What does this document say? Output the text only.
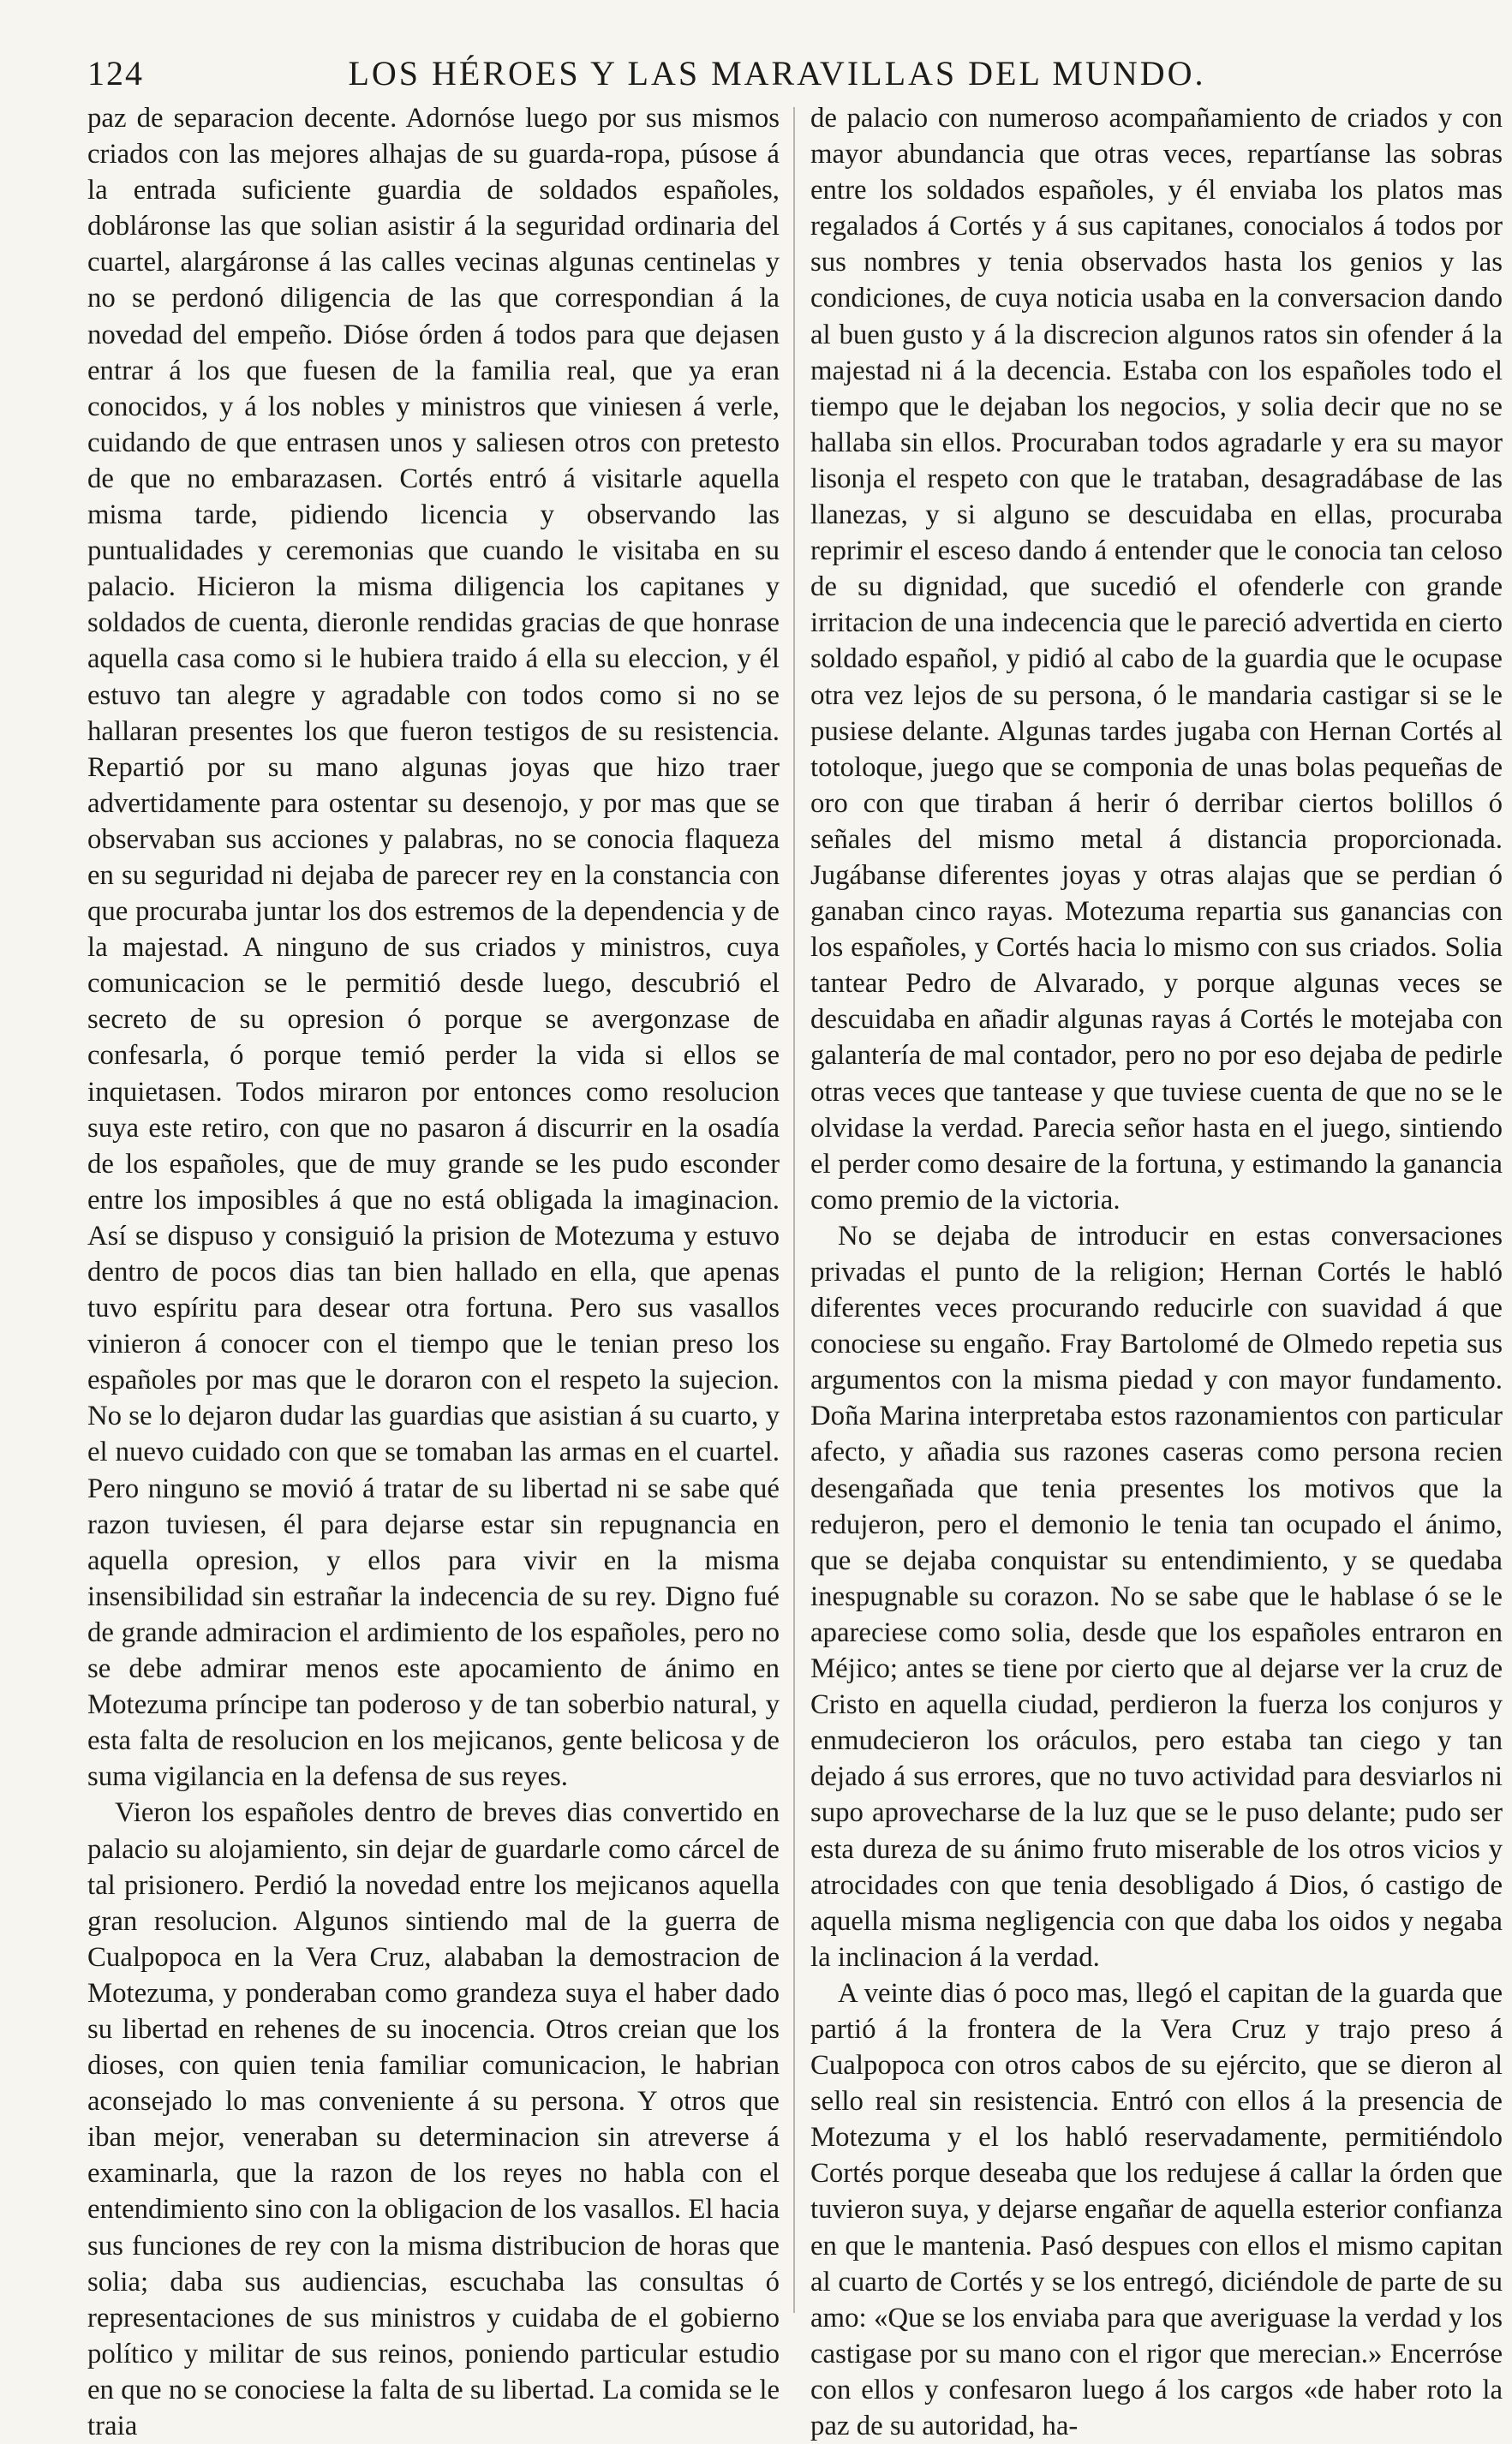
124	LOS HÉROES Y LAS MARAVILLAS DEL MUNDO.

paz de separacion decente. Adornóse luego por sus mismos criados con las mejores alhajas de su guarda-ropa, púsose á la entrada suficiente guardia de soldados españoles, dobláronse las que solian asistir á la seguridad ordinaria del cuartel, alargáronse á las calles vecinas algunas centinelas y no se perdonó diligencia de las que correspondian á la novedad del empeño. Dióse órden á todos para que dejasen entrar á los que fuesen de la familia real, que ya eran conocidos, y á los nobles y ministros que viniesen á verle, cuidando de que entrasen unos y saliesen otros con pretesto de que no embarazasen. Cortés entró á visitarle aquella misma tarde, pidiendo licencia y observando las puntualidades y ceremonias que cuando le visitaba en su palacio. Hicieron la misma diligencia los capitanes y soldados de cuenta, dieronle rendidas gracias de que honrase aquella casa como si le hubiera traido á ella su eleccion, y él estuvo tan alegre y agradable con todos como si no se hallaran presentes los que fueron testigos de su resistencia. Repartió por su mano algunas joyas que hizo traer advertidamente para ostentar su desenojo, y por mas que se observaban sus acciones y palabras, no se conocia flaqueza en su seguridad ni dejaba de parecer rey en la constancia con que procuraba juntar los dos estremos de la dependencia y de la majestad. A ninguno de sus criados y ministros, cuya comunicacion se le permitió desde luego, descubrió el secreto de su opresion ó porque se avergonzase de confesarla, ó porque temió perder la vida si ellos se inquietasen. Todos miraron por entonces como resolucion suya este retiro, con que no pasaron á discurrir en la osadía de los españoles, que de muy grande se les pudo esconder entre los imposibles á que no está obligada la imaginacion. Así se dispuso y consiguió la prision de Motezuma y estuvo dentro de pocos dias tan bien hallado en ella, que apenas tuvo espíritu para desear otra fortuna. Pero sus vasallos vinieron á conocer con el tiempo que le tenian preso los españoles por mas que le doraron con el respeto la sujecion. No se lo dejaron dudar las guardias que asistian á su cuarto, y el nuevo cuidado con que se tomaban las armas en el cuartel. Pero ninguno se movió á tratar de su libertad ni se sabe qué razon tuviesen, él para dejarse estar sin repugnancia en aquella opresion, y ellos para vivir en la misma insensibilidad sin estrañar la indecencia de su rey. Digno fué de grande admiracion el ardimiento de los españoles, pero no se debe admirar menos este apocamiento de ánimo en Motezuma príncipe tan poderoso y de tan soberbio natural, y esta falta de resolucion en los mejicanos, gente belicosa y de suma vigilancia en la defensa de sus reyes.

Vieron los españoles dentro de breves dias convertido en palacio su alojamiento, sin dejar de guardarle como cárcel de tal prisionero. Perdió la novedad entre los mejicanos aquella gran resolucion. Algunos sintiendo mal de la guerra de Cualpopoca en la Vera Cruz, alababan la demostracion de Motezuma, y ponderaban como grandeza suya el haber dado su libertad en rehenes de su inocencia. Otros creian que los dioses, con quien tenia familiar comunicacion, le habrian aconsejado lo mas conveniente á su persona. Y otros que iban mejor, veneraban su determinacion sin atreverse á examinarla, que la razon de los reyes no habla con el entendimiento sino con la obligacion de los vasallos. El hacia sus funciones de rey con la misma distribucion de horas que solia; daba sus audiencias, escuchaba las consultas ó representaciones de sus ministros y cuidaba de el gobierno político y militar de sus reinos, poniendo particular estudio en que no se conociese la falta de su libertad. La comida se le traia

de palacio con numeroso acompañamiento de criados y con mayor abundancia que otras veces, repartíanse las sobras entre los soldados españoles, y él enviaba los platos mas regalados á Cortés y á sus capitanes, conocialos á todos por sus nombres y tenia observados hasta los genios y las condiciones, de cuya noticia usaba en la conversacion dando al buen gusto y á la discrecion algunos ratos sin ofender á la majestad ni á la decencia. Estaba con los españoles todo el tiempo que le dejaban los negocios, y solia decir que no se hallaba sin ellos. Procuraban todos agradarle y era su mayor lisonja el respeto con que le trataban, desagradábase de las llanezas, y si alguno se descuidaba en ellas, procuraba reprimir el esceso dando á entender que le conocia tan celoso de su dignidad, que sucedió el ofenderle con grande irritacion de una indecencia que le pareció advertida en cierto soldado español, y pidió al cabo de la guardia que le ocupase otra vez lejos de su persona, ó le mandaria castigar si se le pusiese delante. Algunas tardes jugaba con Hernan Cortés al totoloque, juego que se componia de unas bolas pequeñas de oro con que tiraban á herir ó derribar ciertos bolillos ó señales del mismo metal á distancia proporcionada. Jugábanse diferentes joyas y otras alajas que se perdian ó ganaban cinco rayas. Motezuma repartia sus ganancias con los españoles, y Cortés hacia lo mismo con sus criados. Solia tantear Pedro de Alvarado, y porque algunas veces se descuidaba en añadir algunas rayas á Cortés le motejaba con galantería de mal contador, pero no por eso dejaba de pedirle otras veces que tantease y que tuviese cuenta de que no se le olvidase la verdad. Parecia señor hasta en el juego, sintiendo el perder como desaire de la fortuna, y estimando la ganancia como premio de la victoria.

No se dejaba de introducir en estas conversaciones privadas el punto de la religion; Hernan Cortés le habló diferentes veces procurando reducirle con suavidad á que conociese su engaño. Fray Bartolomé de Olmedo repetia sus argumentos con la misma piedad y con mayor fundamento. Doña Marina interpretaba estos razonamientos con particular afecto, y añadia sus razones caseras como persona recien desengañada que tenia presentes los motivos que la redujeron, pero el demonio le tenia tan ocupado el ánimo, que se dejaba conquistar su entendimiento, y se quedaba inespugnable su corazon. No se sabe que le hablase ó se le apareciese como solia, desde que los españoles entraron en Méjico; antes se tiene por cierto que al dejarse ver la cruz de Cristo en aquella ciudad, perdieron la fuerza los conjuros y enmudecieron los oráculos, pero estaba tan ciego y tan dejado á sus errores, que no tuvo actividad para desviarlos ni supo aprovecharse de la luz que se le puso delante; pudo ser esta dureza de su ánimo fruto miserable de los otros vicios y atrocidades con que tenia desobligado á Dios, ó castigo de aquella misma negligencia con que daba los oidos y negaba la inclinacion á la verdad.

A veinte dias ó poco mas, llegó el capitan de la guarda que partió á la frontera de la Vera Cruz y trajo preso á Cualpopoca con otros cabos de su ejército, que se dieron al sello real sin resistencia. Entró con ellos á la presencia de Motezuma y el los habló reservadamente, permitiéndolo Cortés porque deseaba que los redujese á callar la órden que tuvieron suya, y dejarse engañar de aquella esterior confianza en que le mantenia. Pasó despues con ellos el mismo capitan al cuarto de Cortés y se los entregó, diciéndole de parte de su amo: «Que se los enviaba para que averiguase la verdad y los castigase por su mano con el rigor que merecian.» Encerróse con ellos y confesaron luego á los cargos «de haber roto la paz de su autoridad, ha-
